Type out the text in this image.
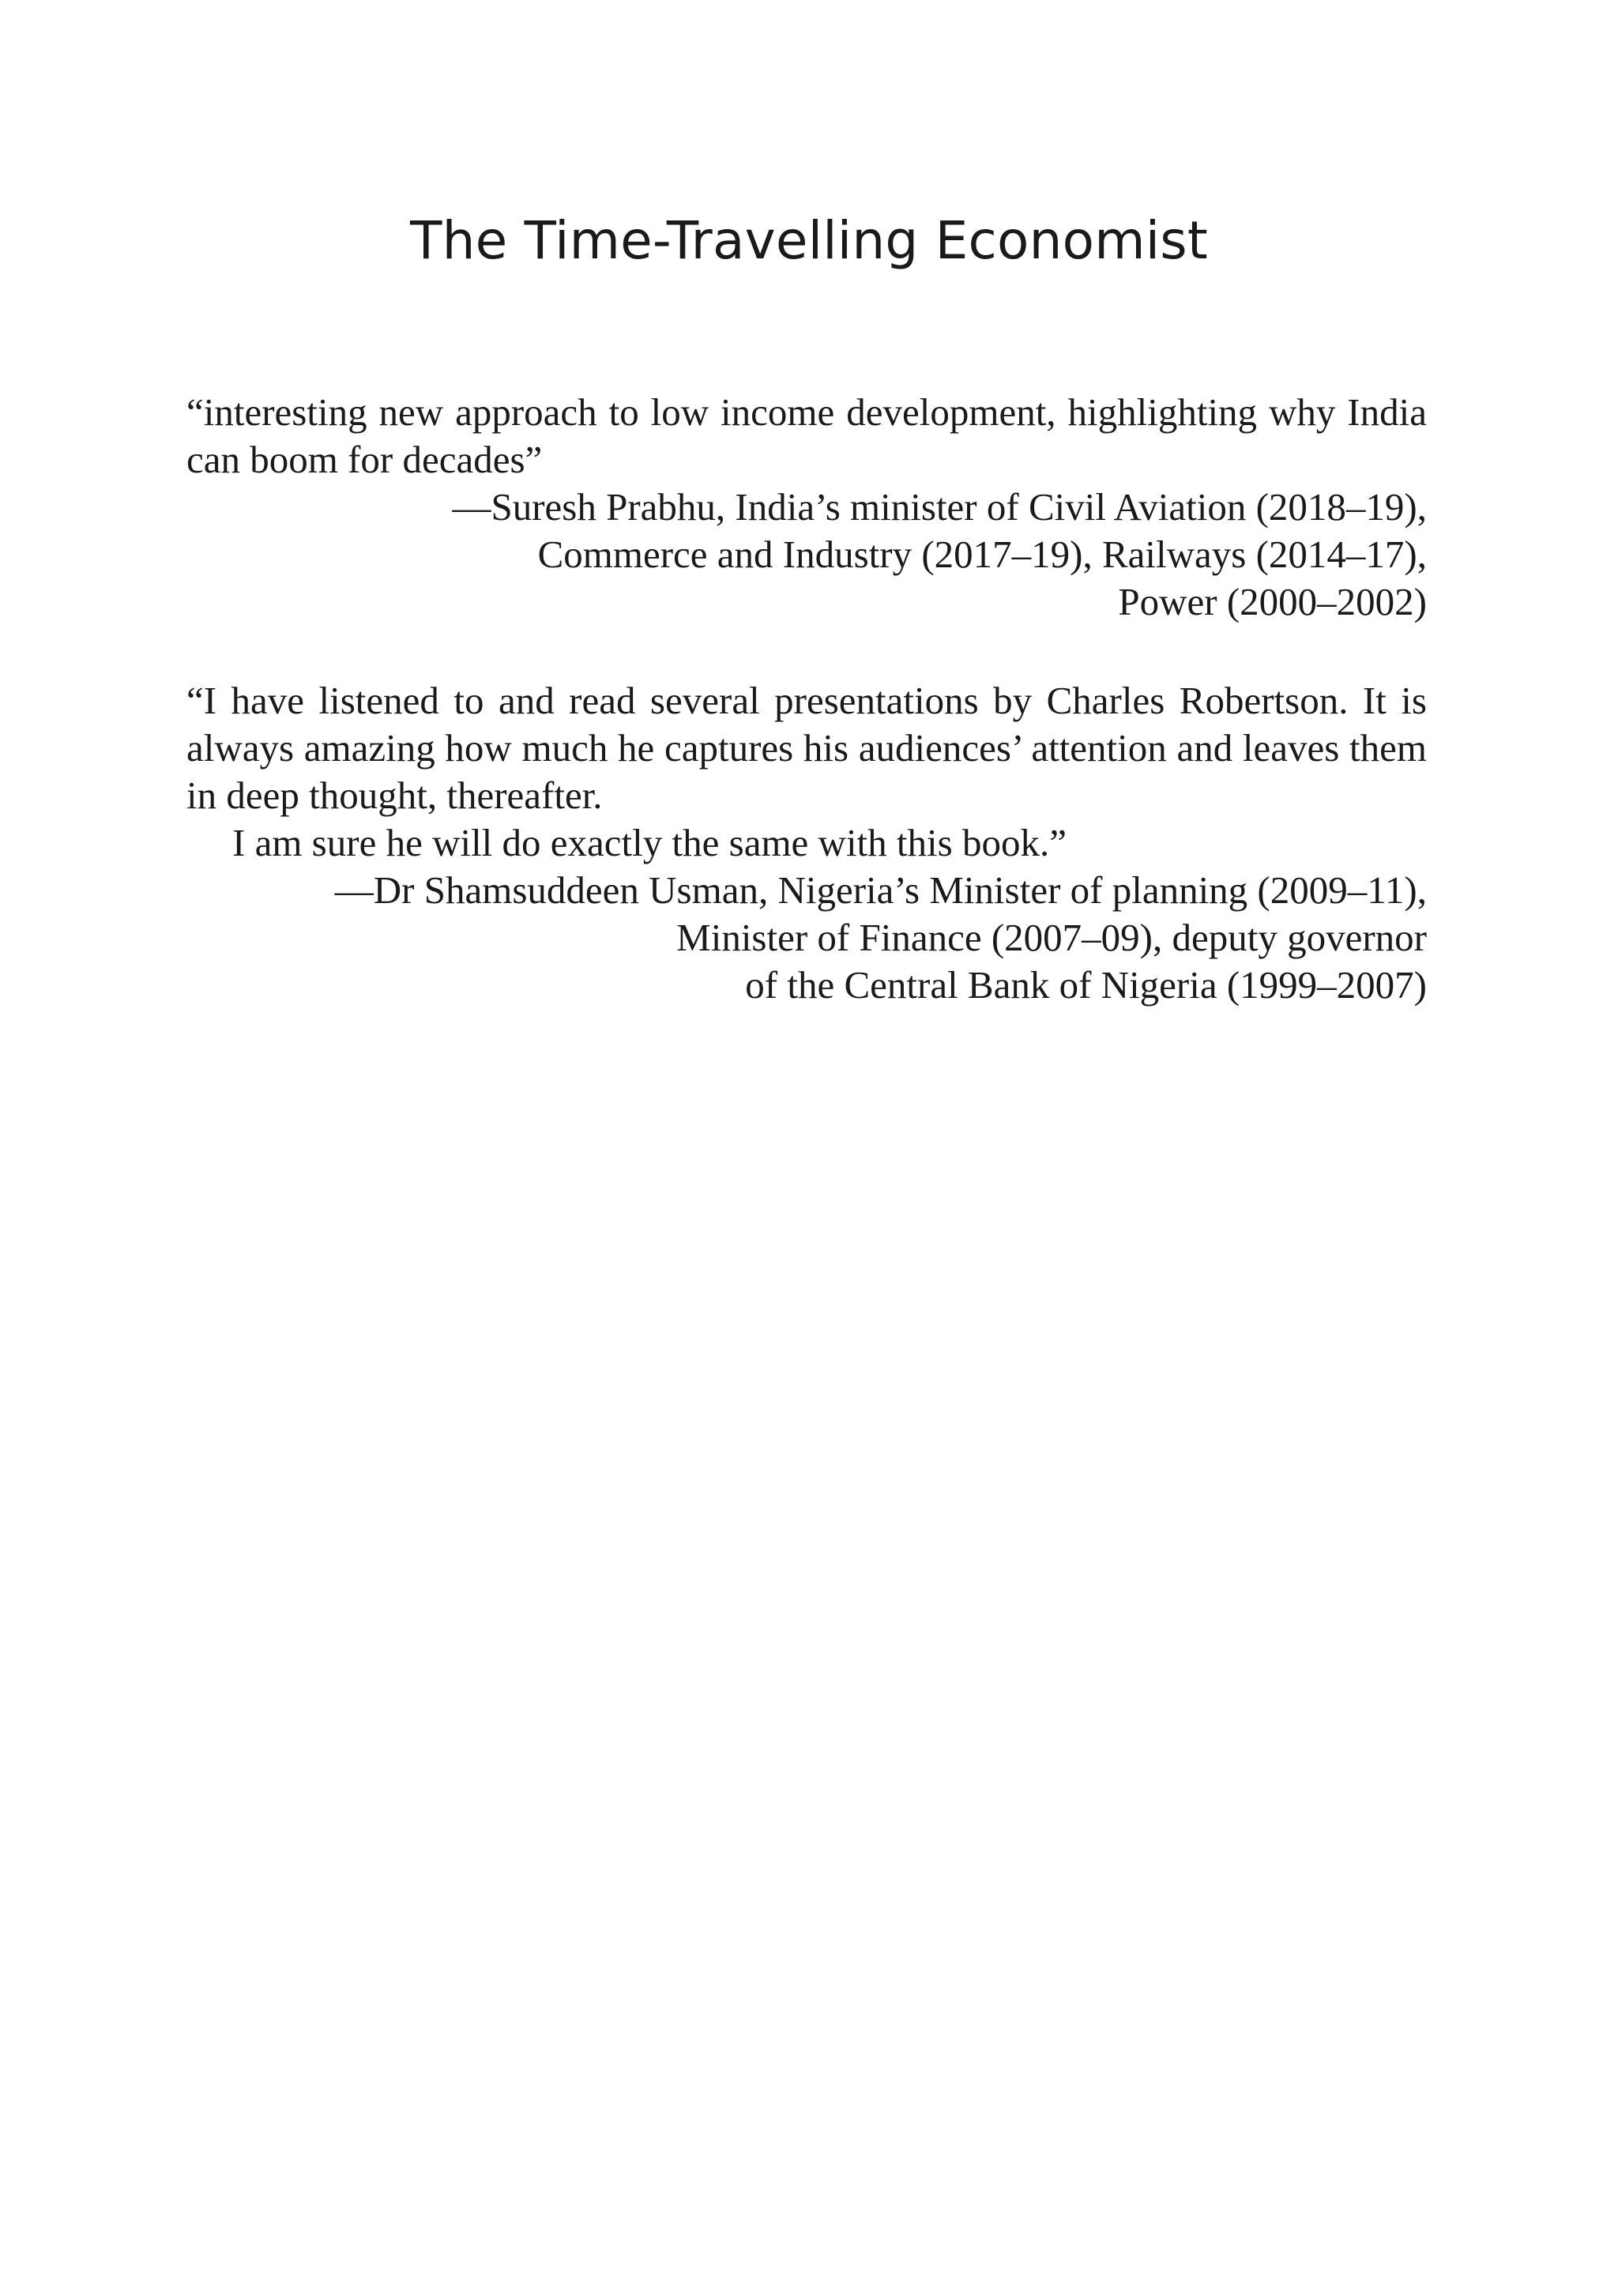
The Time-Travelling Economist
“interesting new approach to low income development, highlighting why India
can boom for decades”
—Suresh Prabhu, India’s minister of Civil Aviation (2018–19),
Commerce and Industry (2017–19), Railways (2014–17),
Power (2000–2002)
“I have listened to and read several presentations by Charles Robertson. It is
always amazing how much he captures his audiences’ attention and leaves them
in deep thought, thereafter.
I am sure he will do exactly the same with this book.”
—Dr Shamsuddeen Usman, Nigeria’s Minister of planning (2009–11),
Minister of Finance (2007–09), deputy governor
of the Central Bank of Nigeria (1999–2007)
